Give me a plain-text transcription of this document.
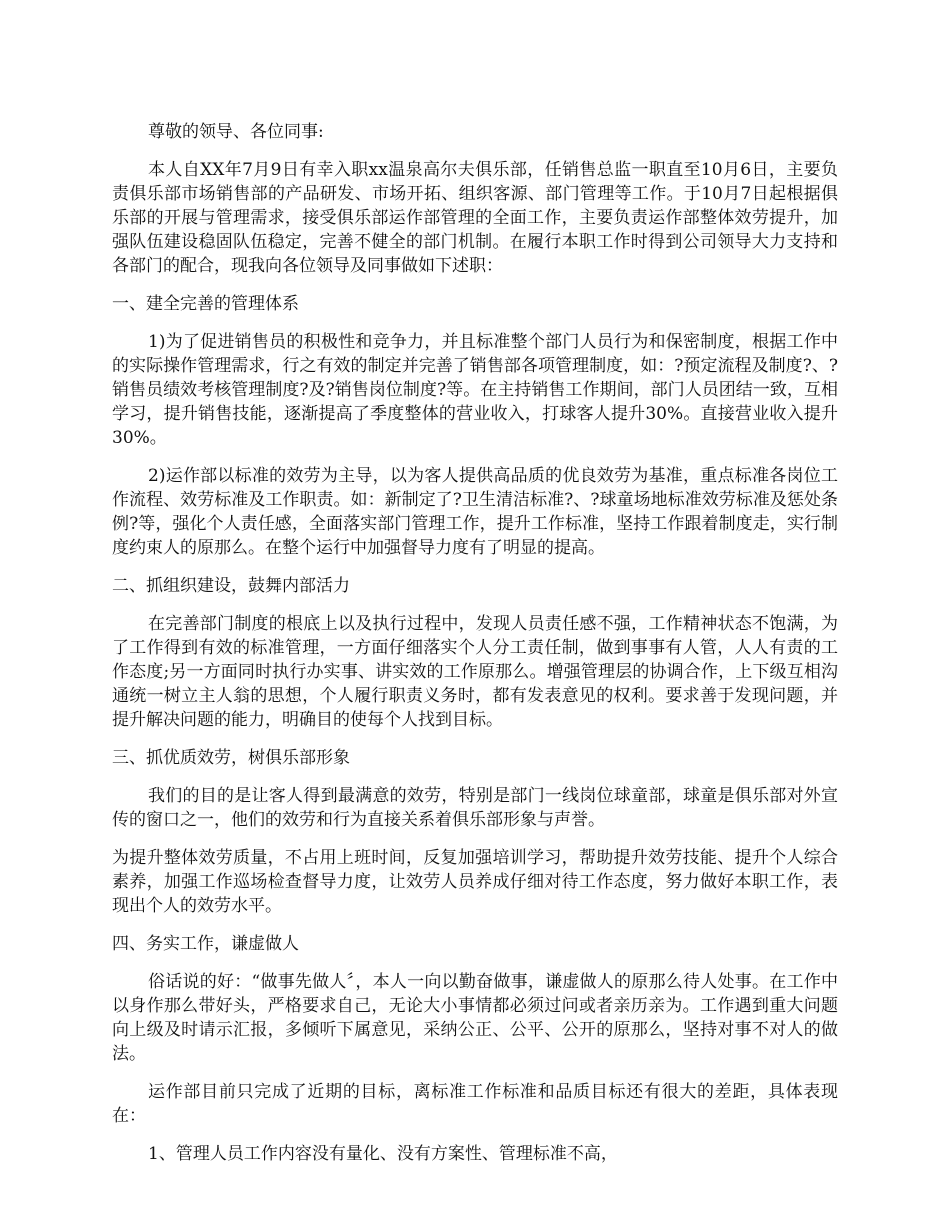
尊敬的领导、各位同事:

本人自XX年7月9日有幸入职xx温泉高尔夫俱乐部，任销售总监一职直至10月6日，主要负责俱乐部市场销售部的产品研发、市场开拓、组织客源、部门管理等工作。于10月7日起根据俱乐部的开展与管理需求，接受俱乐部运作部管理的全面工作，主要负责运作部整体效劳提升，加强队伍建设稳固队伍稳定，完善不健全的部门机制。在履行本职工作时得到公司领导大力支持和各部门的配合，现我向各位领导及同事做如下述职：

一、建全完善的管理体系

1)为了促进销售员的积极性和竞争力，并且标准整个部门人员行为和保密制度，根据工作中的实际操作管理需求，行之有效的制定并完善了销售部各项管理制度，如：?预定流程及制度?、?销售员绩效考核管理制度?及?销售岗位制度?等。在主持销售工作期间，部门人员团结一致，互相学习，提升销售技能，逐渐提高了季度整体的营业收入，打球客人提升30%。直接营业收入提升30%。

2)运作部以标准的效劳为主导，以为客人提供高品质的优良效劳为基准，重点标准各岗位工作流程、效劳标准及工作职责。如：新制定了?卫生清洁标准?、?球童场地标准效劳标准及惩处条例?等，强化个人责任感，全面落实部门管理工作，提升工作标准，坚持工作跟着制度走，实行制度约束人的原那么。在整个运行中加强督导力度有了明显的提高。

二、抓组织建设，鼓舞内部活力

在完善部门制度的根底上以及执行过程中，发现人员责任感不强，工作精神状态不饱满，为了工作得到有效的标准管理，一方面仔细落实个人分工责任制，做到事事有人管，人人有责的工作态度;另一方面同时执行办实事、讲实效的工作原那么。增强管理层的协调合作，上下级互相沟通统一树立主人翁的思想，个人履行职责义务时，都有发表意见的权利。要求善于发现问题，并提升解决问题的能力，明确目的使每个人找到目标。

三、抓优质效劳，树俱乐部形象

我们的目的是让客人得到最满意的效劳，特别是部门一线岗位球童部，球童是俱乐部对外宣传的窗口之一，他们的效劳和行为直接关系着俱乐部形象与声誉。

为提升整体效劳质量，不占用上班时间，反复加强培训学习，帮助提升效劳技能、提升个人综合素养，加强工作巡场检查督导力度，让效劳人员养成仔细对待工作态度，努力做好本职工作，表现出个人的效劳水平。

四、务实工作，谦虚做人

俗话说的好：“做事先做人〞，本人一向以勤奋做事，谦虚做人的原那么待人处事。在工作中以身作那么带好头，严格要求自己，无论大小事情都必须过问或者亲历亲为。工作遇到重大问题向上级及时请示汇报，多倾听下属意见，采纳公正、公平、公开的原那么，坚持对事不对人的做法。

运作部目前只完成了近期的目标，离标准工作标准和品质目标还有很大的差距，具体表现在：

1、管理人员工作内容没有量化、没有方案性、管理标准不高，
